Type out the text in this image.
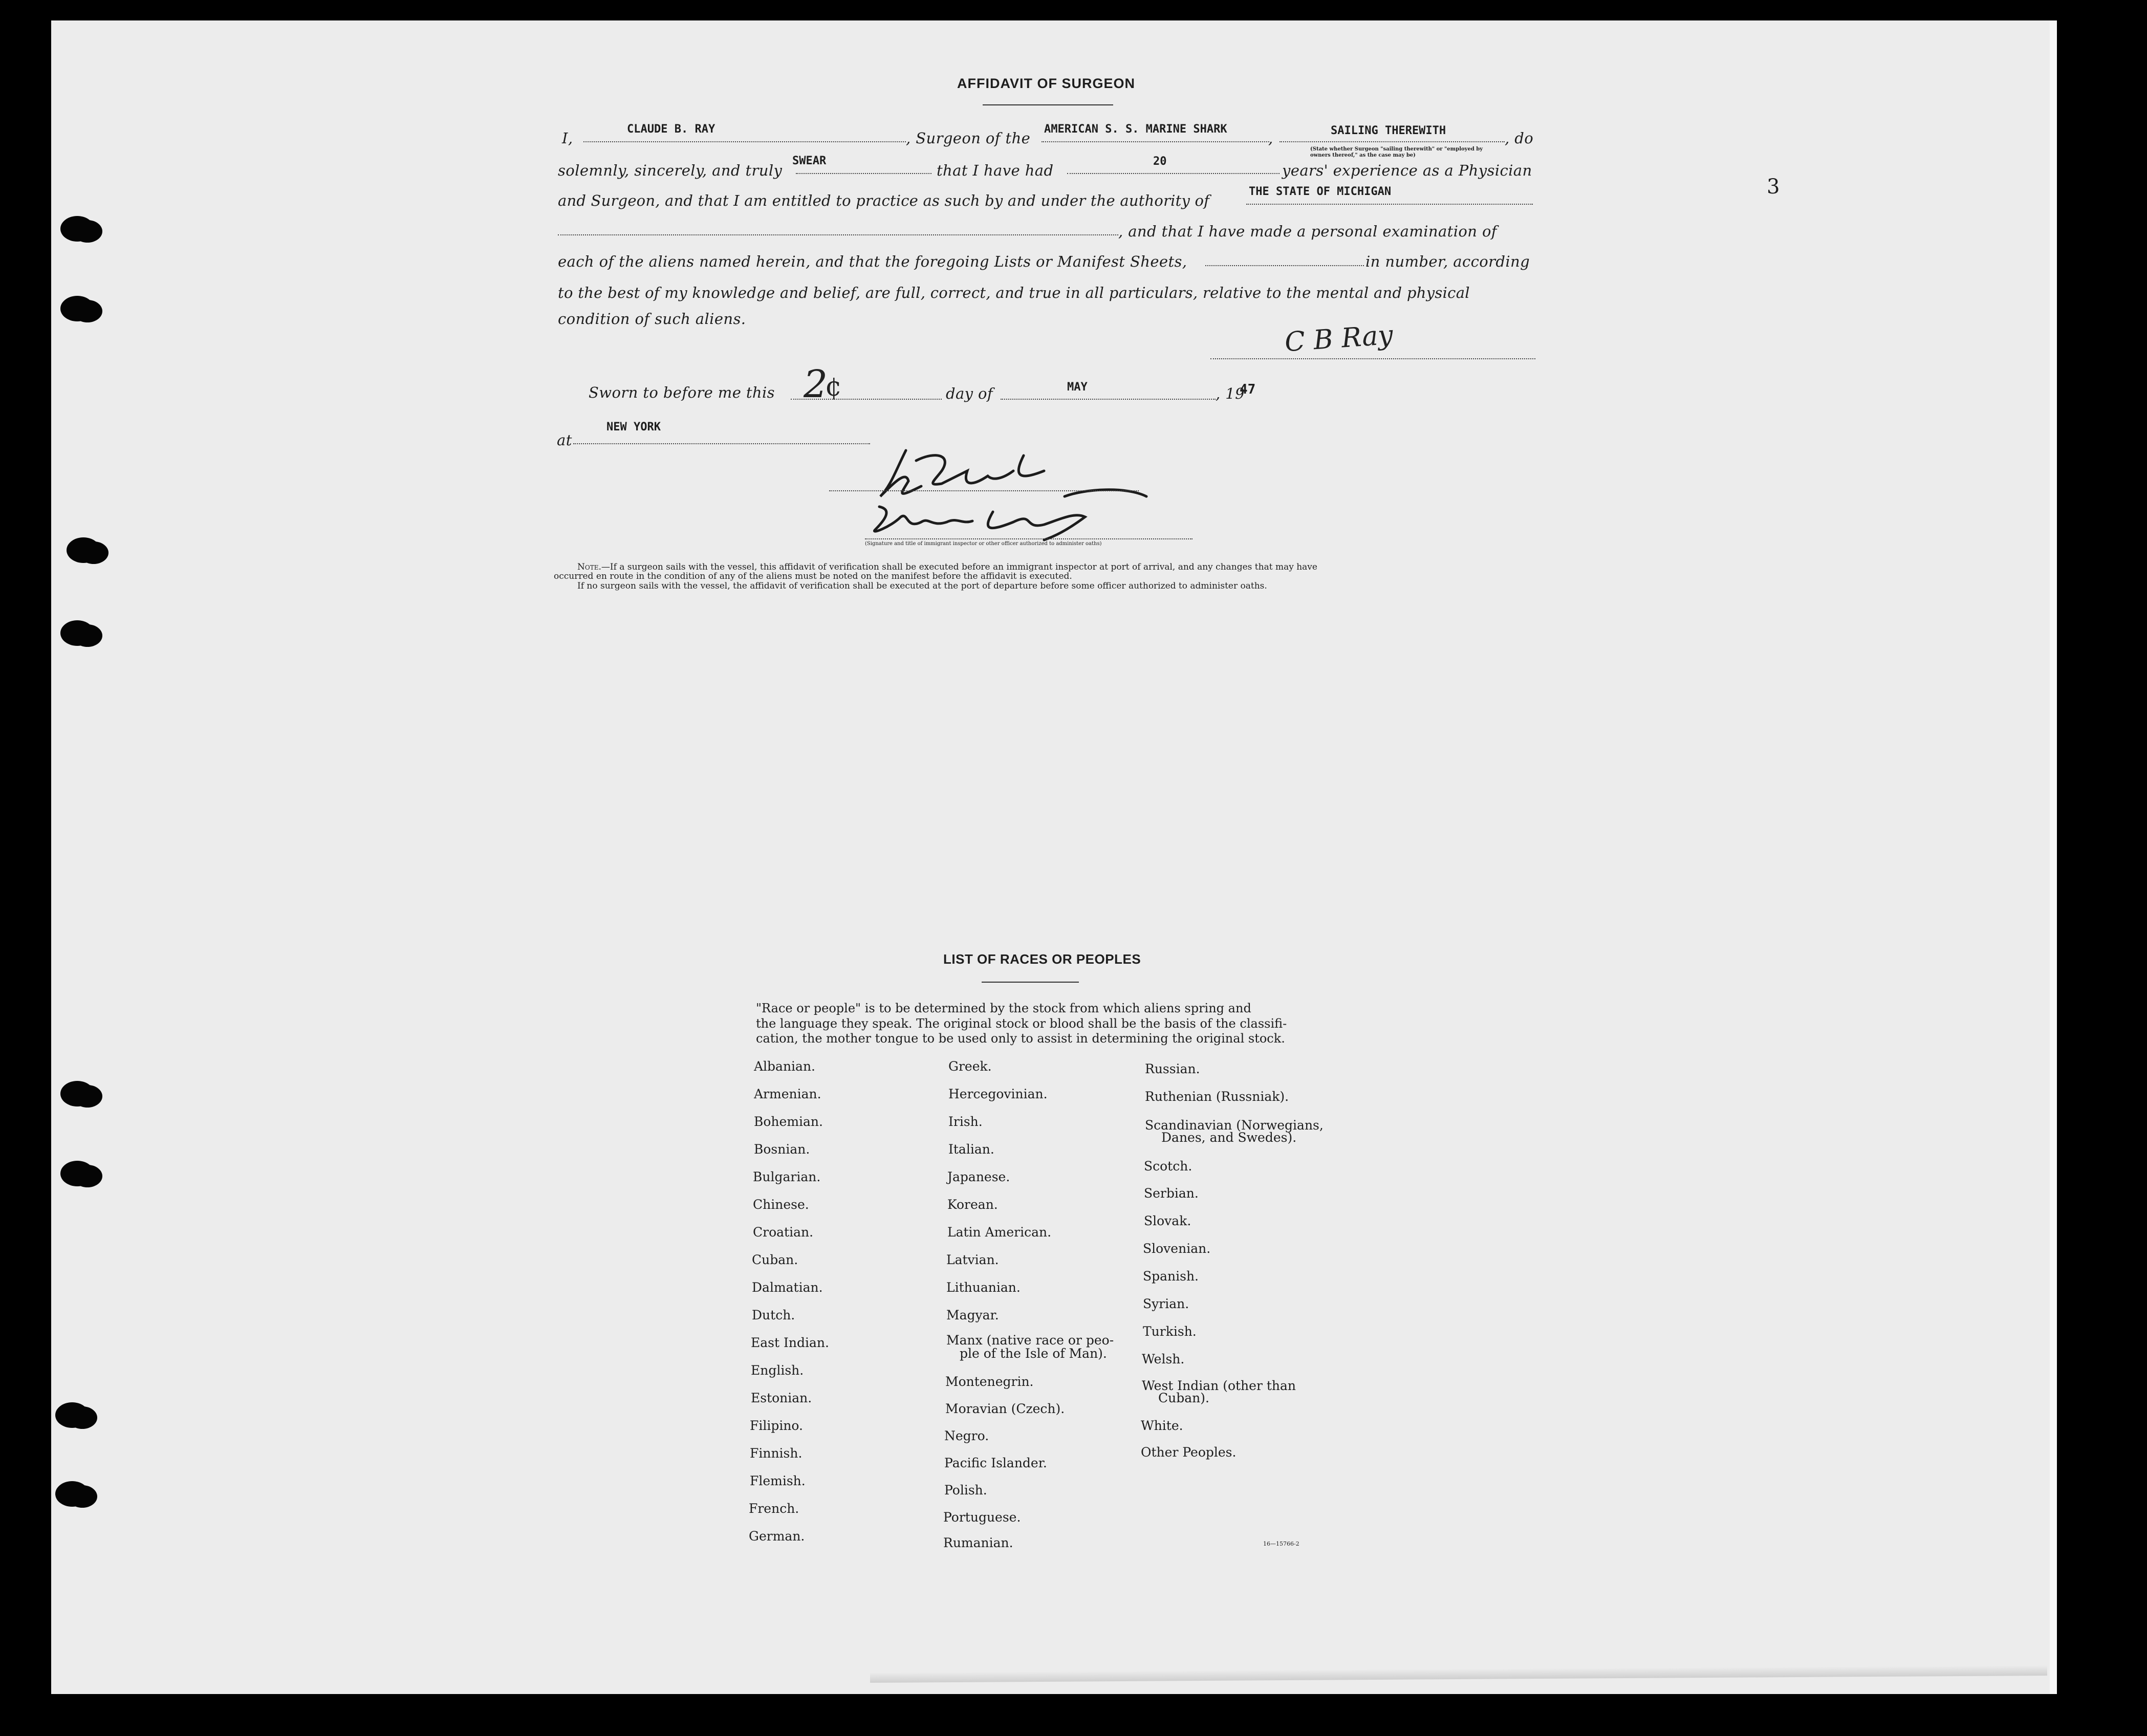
3
AFFIDAVIT OF SURGEON
I,
CLAUDE B. RAY
, Surgeon of the
AMERICAN S. S. MARINE SHARK
,	SAILING THEREWITH
(State whether Surgeon "sailing therewith" or "employed by owners thereof," as the case may be)
, do
solemnly, sincerely, and truly
SWEAR
that I have had
20
years' experience as a Physician
and Surgeon, and that I am entitled to practice as such by and under the authority of
THE STATE OF MICHIGAN
, and that I have made a personal examination of
each of the aliens named herein, and that the foregoing Lists or Manifest Sheets,	in number, according
to the best of my knowledge and belief, are full, correct, and true in all particulars, relative to the mental and physical
condition of such aliens.
C B Ray
Sworn to before me this 2
¢	day of	MAY	, 19
47
at
NEW YORK
(Signature and title of immigrant inspector or other officer authorized to administer oaths)
Note.—If a surgeon sails with the vessel, this affidavit of verification shall be executed before an immigrant inspector at port of arrival, and any changes that may have
occurred en route in the condition of any of the aliens must be noted on the manifest before the affidavit is executed.
If no surgeon sails with the vessel, the affidavit of verification shall be executed at the port of departure before some officer authorized to administer oaths.
LIST OF RACES OR PEOPLES
"Race or people" is to be determined by the stock from which aliens spring and
the language they speak. The original stock or blood shall be the basis of the classifi-
cation, the mother tongue to be used only to assist in determining the original stock.
Albanian.
Armenian.
Bohemian.
Bosnian.
Bulgarian.
Chinese.
Croatian.
Cuban.
Dalmatian.
Dutch.
East Indian.
English.
Estonian.
Filipino.
Finnish.
Flemish.
French.
German.
Greek.
Hercegovinian.
Irish.
Italian.
Japanese.
Korean.
Latin American.
Latvian.
Lithuanian.
Magyar.
Manx (native race or peo-
ple of the Isle of Man).
Montenegrin.
Moravian (Czech).
Negro.
Pacific Islander.
Polish.
Portuguese.
Rumanian.
Russian.
Ruthenian (Russniak).
Scandinavian (Norwegians,
Danes, and Swedes).
Scotch.
Serbian.
Slovak.
Slovenian.
Spanish.
Syrian.
Turkish.
Welsh.
West Indian (other than
Cuban).
White.
Other Peoples.
16—15766-2
